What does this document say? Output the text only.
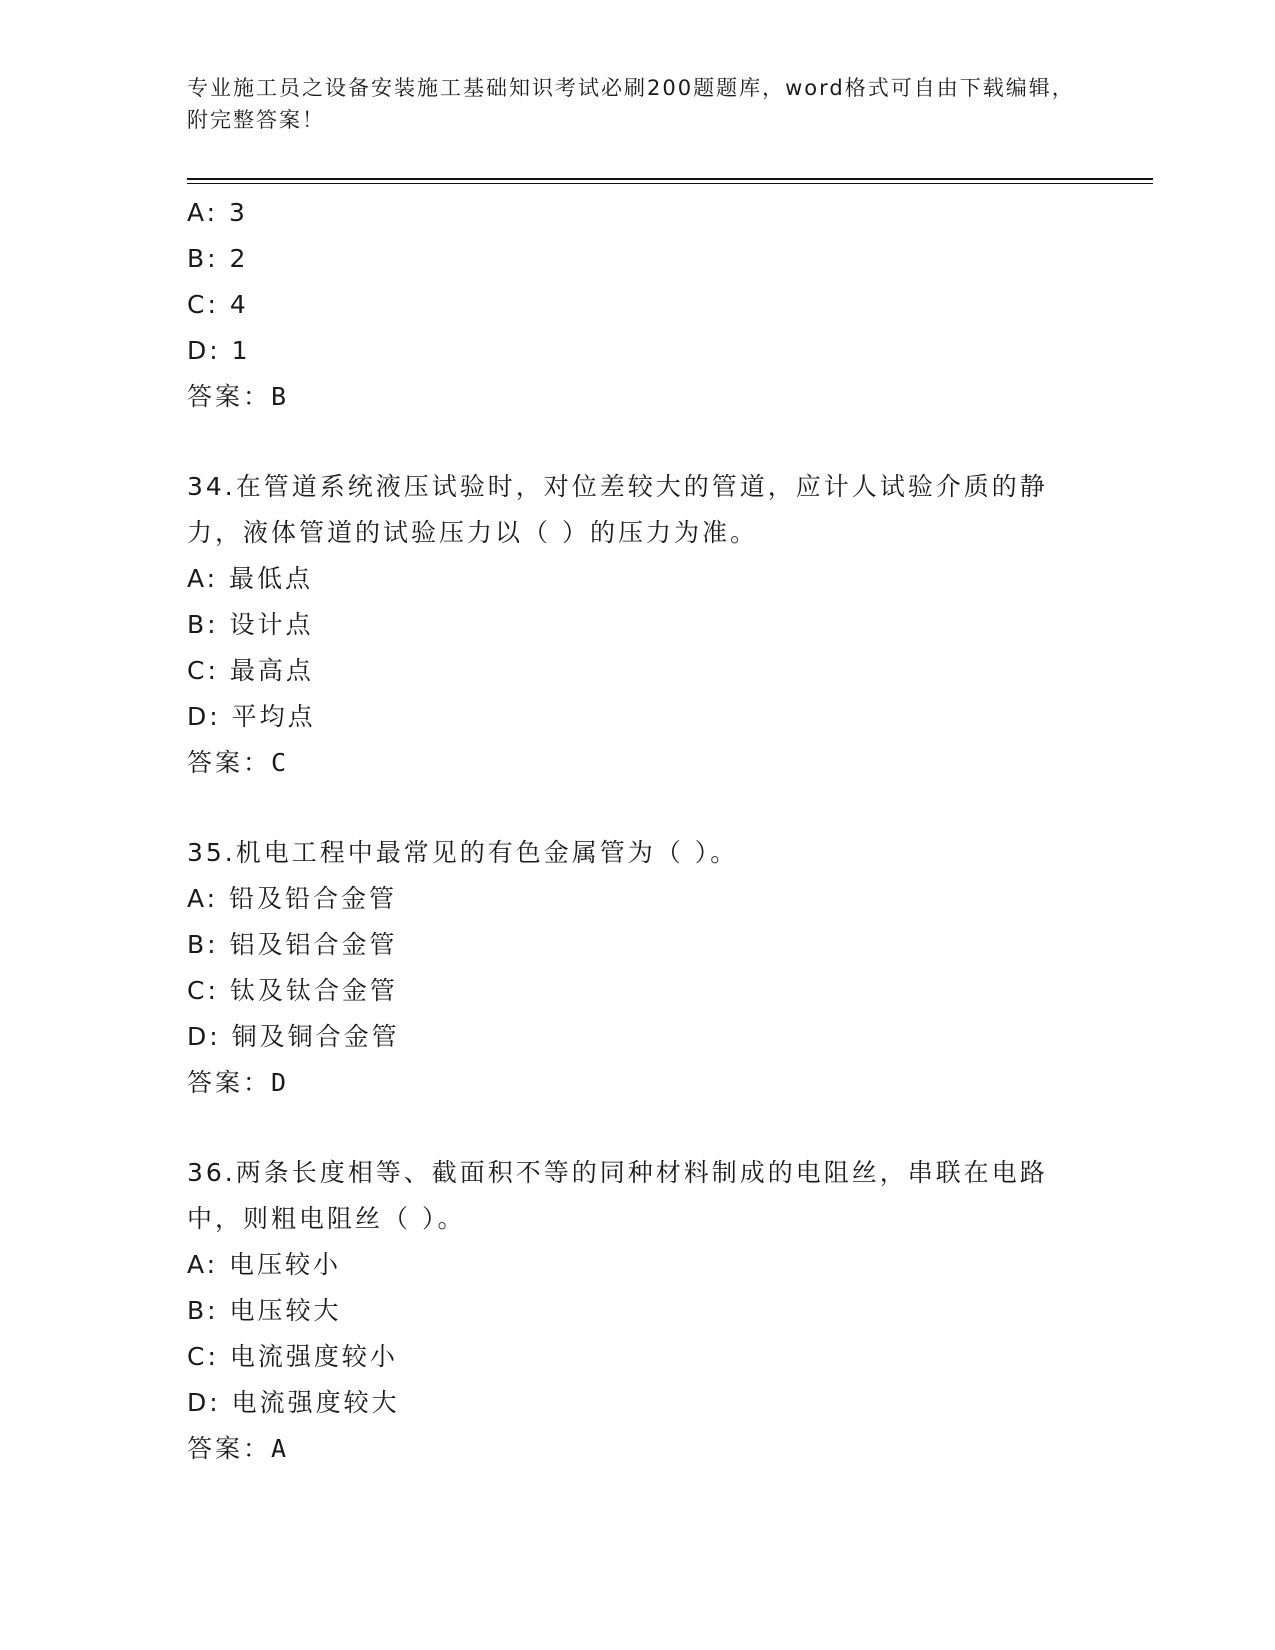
专业施工员之设备安装施工基础知识考试必刷200题题库，word格式可自由下载编辑，附完整答案！
A: 3
B: 2
C: 4
D: 1
答案：B
34.在管道系统液压试验时，对位差较大的管道，应计人试验介质的静力，液体管道的试验压力以（ ）的压力为准。
A: 最低点
B: 设计点
C: 最高点
D: 平均点
答案：C
35.机电工程中最常见的有色金属管为（ ）。
A: 铅及铅合金管
B: 铝及铝合金管
C: 钛及钛合金管
D: 铜及铜合金管
答案：D
36.两条长度相等、截面积不等的同种材料制成的电阻丝，串联在电路中，则粗电阻丝（ ）。
A: 电压较小
B: 电压较大
C: 电流强度较小
D: 电流强度较大
答案：A
